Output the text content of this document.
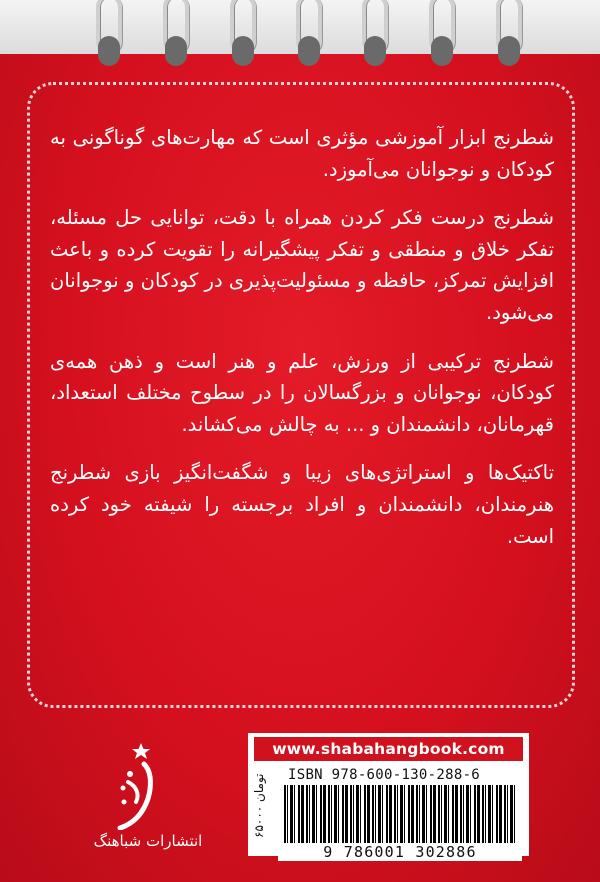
شطرنج ابزار آموزشی مؤثری است که مهارت‌های گوناگونی به کودکان و نوجوانان می‌آموزد.

شطرنج درست فکر کردن همراه با دقت، توانایی حل مسئله، تفکر خلاق و منطقی و تفکر پیشگیرانه را تقویت کرده و باعث افزایش تمرکز، حافظه و مسئولیت‌پذیری در کودکان و نوجوانان می‌شود.

شطرنج ترکیبی از ورزش، علم و هنر است و ذهن همه‌ی کودکان، نوجوانان و بزرگسالان را در سطوح مختلف استعداد، قهرمانان، دانشمندان و ... به چالش می‌کشاند.

تاکتیک‌ها و استراتژی‌های زیبا و شگفت‌انگیز بازی شطرنج هنرمندان، دانشمندان و افراد برجسته را شیفته خود کرده است.

انتشارات شباهنگ
www.shabahangbook.com
ISBN 978-600-130-288-6
۶۵۰۰۰ تومان
9 786001 302886
